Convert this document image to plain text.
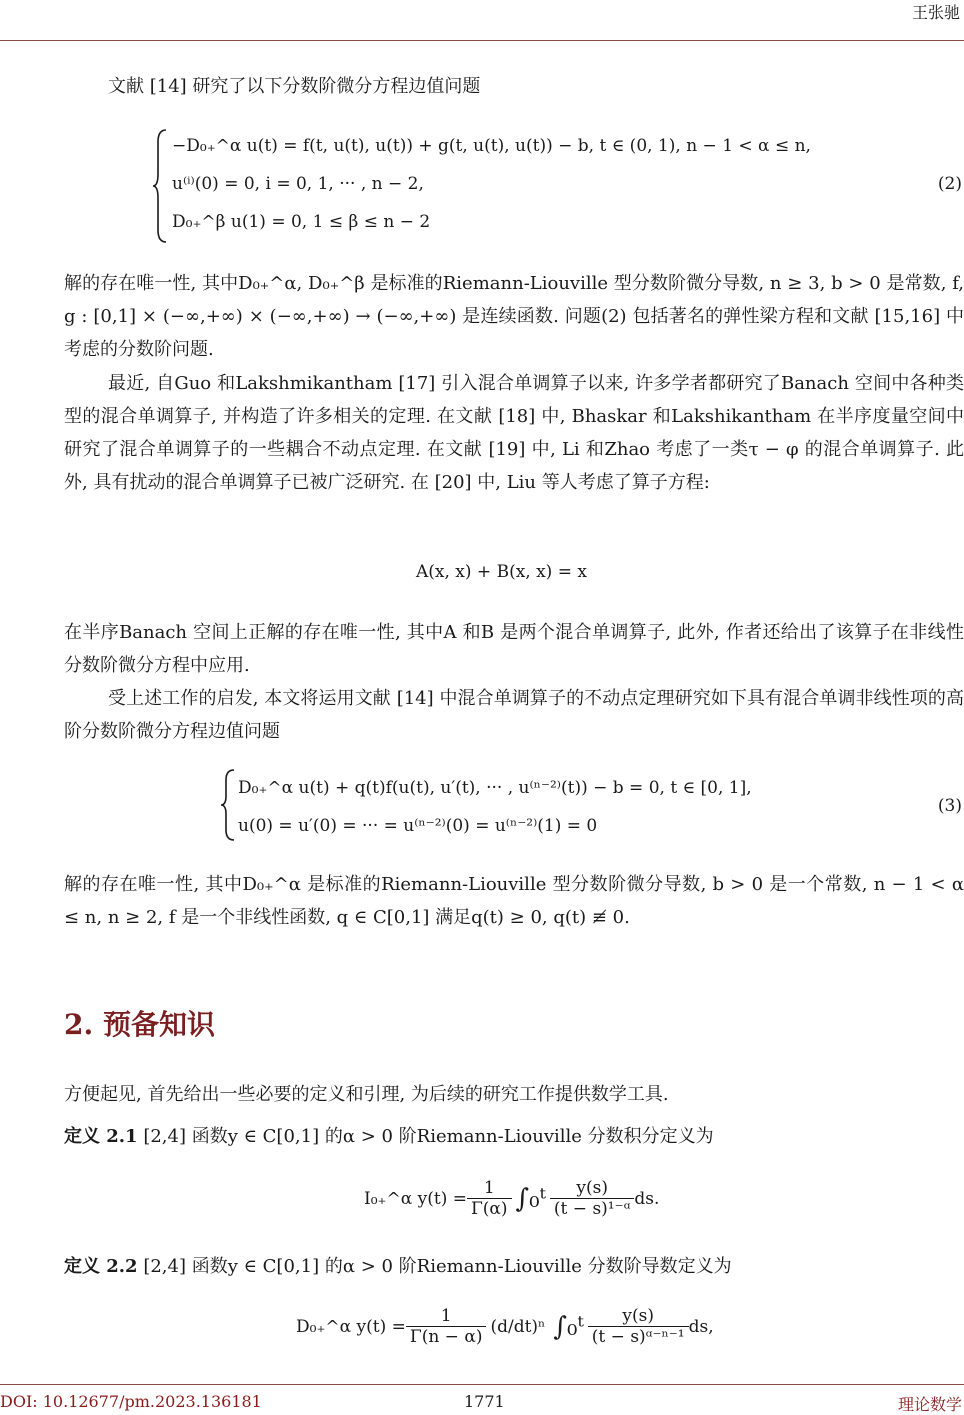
王张驰
文献 [14] 研究了以下分数阶微分方程边值问题
−D₀₊^α u(t) = f(t, u(t), u(t)) + g(t, u(t), u(t)) − b, t ∈ (0, 1), n − 1 < α ≤ n,
u⁽ⁱ⁾(0) = 0, i = 0, 1, ··· , n − 2,
D₀₊^β u(1) = 0, 1 ≤ β ≤ n − 2
(2)
解的存在唯一性, 其中D₀₊^α, D₀₊^β 是标准的Riemann-Liouville 型分数阶微分导数, n ≥ 3, b > 0 是常数, f, g : [0,1] × (−∞,+∞) × (−∞,+∞) → (−∞,+∞) 是连续函数. 问题(2) 包括著名的弹性梁方程和文献 [15,16] 中考虑的分数阶问题.
最近, 自Guo 和Lakshmikantham [17] 引入混合单调算子以来, 许多学者都研究了Banach 空间中各种类型的混合单调算子, 并构造了许多相关的定理. 在文献 [18] 中, Bhaskar 和Lakshikantham 在半序度量空间中研究了混合单调算子的一些耦合不动点定理. 在文献 [19] 中, Li 和Zhao 考虑了一类τ − φ 的混合单调算子. 此外, 具有扰动的混合单调算子已被广泛研究. 在 [20] 中, Liu 等人考虑了算子方程:
A(x, x) + B(x, x) = x
在半序Banach 空间上正解的存在唯一性, 其中A 和B 是两个混合单调算子, 此外, 作者还给出了该算子在非线性分数阶微分方程中应用.
受上述工作的启发, 本文将运用文献 [14] 中混合单调算子的不动点定理研究如下具有混合单调非线性项的高阶分数阶微分方程边值问题
D₀₊^α u(t) + q(t)f(u(t), u′(t), ··· , u⁽ⁿ⁻²⁾(t)) − b = 0, t ∈ [0, 1],
u(0) = u′(0) = ··· = u⁽ⁿ⁻²⁾(0) = u⁽ⁿ⁻²⁾(1) = 0
(3)
解的存在唯一性, 其中D₀₊^α 是标准的Riemann-Liouville 型分数阶微分导数, b > 0 是一个常数, n − 1 < α ≤ n, n ≥ 2, f 是一个非线性函数, q ∈ C[0,1] 满足q(t) ≥ 0, q(t) ≢ 0.
2. 预备知识
方便起见, 首先给出一些必要的定义和引理, 为后续的研究工作提供数学工具.
定义 2.1 [2,4] 函数y ∈ C[0,1] 的α > 0 阶Riemann-Liouville 分数积分定义为
I₀₊^α $y(t) = \frac{1}{\Gamma(\alpha)}$ ∫₀ᵗ $\frac{y(s)}{\text{(t − s)¹⁻ᵅ}}$ ds.
定义 2.2 [2,4] 函数y ∈ C[0,1] 的α > 0 阶Riemann-Liouville 分数阶导数定义为
D₀₊^α $y(t) = \frac{1}{\Gamma(n - \alpha)} (d/dt)^n$ ∫₀ᵗ $\frac{y(s)}{\text{(t − s)ᵅ⁻ⁿ⁻¹}}$ ds,
DOI: 10.12677/pm.2023.136181	1771	理论数学
